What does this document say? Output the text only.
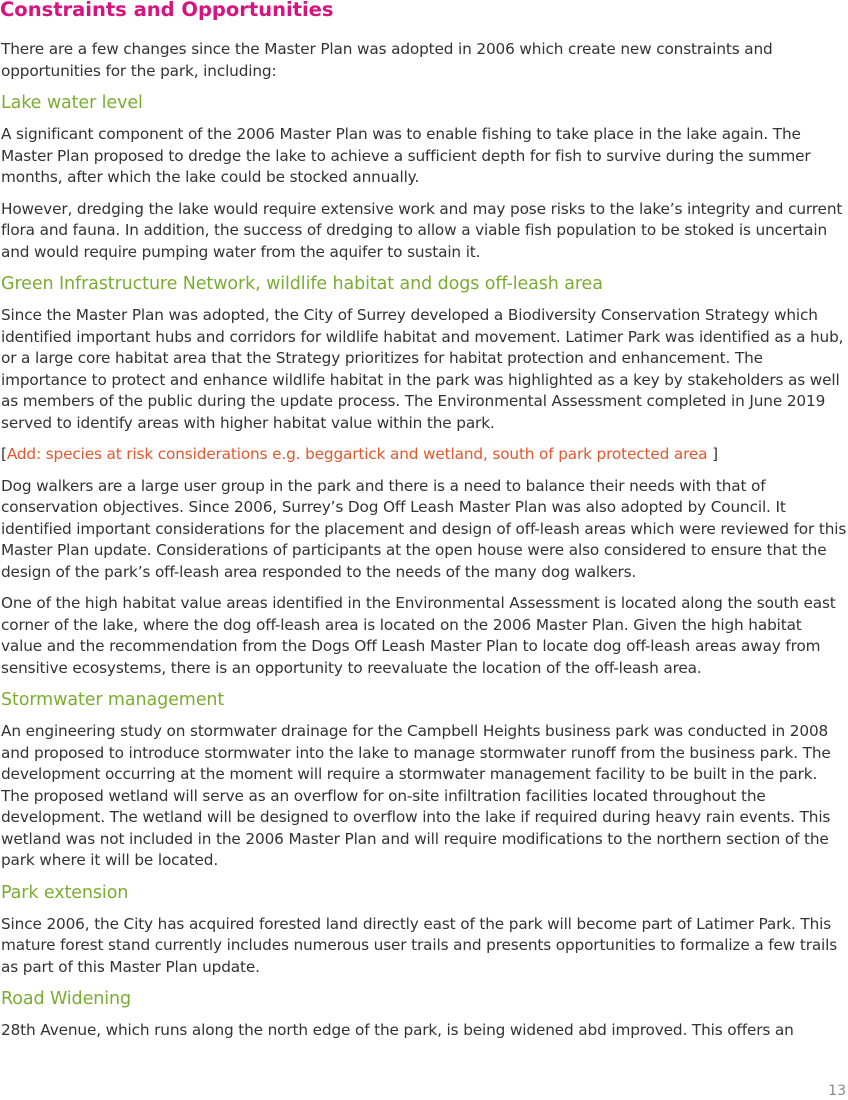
Constraints and Opportunities

There are a few changes since the Master Plan was adopted in 2006 which create new constraints and opportunities for the park, including:

Lake water level

A significant component of the 2006 Master Plan was to enable fishing to take place in the lake again. The Master Plan proposed to dredge the lake to achieve a sufficient depth for fish to survive during the summer months, after which the lake could be stocked annually.

However, dredging the lake would require extensive work and may pose risks to the lake’s integrity and current flora and fauna. In addition, the success of dredging to allow a viable fish population to be stoked is uncertain and would require pumping water from the aquifer to sustain it.

Green Infrastructure Network, wildlife habitat and dogs off-leash area

Since the Master Plan was adopted, the City of Surrey developed a Biodiversity Conservation Strategy which identified important hubs and corridors for wildlife habitat and movement. Latimer Park was identified as a hub, or a large core habitat area that the Strategy prioritizes for habitat protection and enhancement. The importance to protect and enhance wildlife habitat in the park was highlighted as a key by stakeholders as well as members of the public during the update process. The Environmental Assessment completed in June 2019 served to identify areas with higher habitat value within the park.

[Add: species at risk considerations e.g. beggartick and wetland, south of park protected area ]

Dog walkers are a large user group in the park and there is a need to balance their needs with that of conservation objectives. Since 2006, Surrey’s Dog Off Leash Master Plan was also adopted by Council. It identified important considerations for the placement and design of off-leash areas which were reviewed for this Master Plan update. Considerations of participants at the open house were also considered to ensure that the design of the park’s off-leash area responded to the needs of the many dog walkers.

One of the high habitat value areas identified in the Environmental Assessment is located along the south east corner of the lake, where the dog off-leash area is located on the 2006 Master Plan. Given the high habitat value and the recommendation from the Dogs Off Leash Master Plan to locate dog off-leash areas away from sensitive ecosystems, there is an opportunity to reevaluate the location of the off-leash area.

Stormwater management

An engineering study on stormwater drainage for the Campbell Heights business park was conducted in 2008 and proposed to introduce stormwater into the lake to manage stormwater runoff from the business park. The development occurring at the moment will require a stormwater management facility to be built in the park. The proposed wetland will serve as an overflow for on-site infiltration facilities located throughout the development. The wetland will be designed to overflow into the lake if required during heavy rain events. This wetland was not included in the 2006 Master Plan and will require modifications to the northern section of the park where it will be located.

Park extension

Since 2006, the City has acquired forested land directly east of the park will become part of Latimer Park. This mature forest stand currently includes numerous user trails and presents opportunities to formalize a few trails as part of this Master Plan update.

Road Widening

28th Avenue, which runs along the north edge of the park, is being widened abd improved. This offers an

13
